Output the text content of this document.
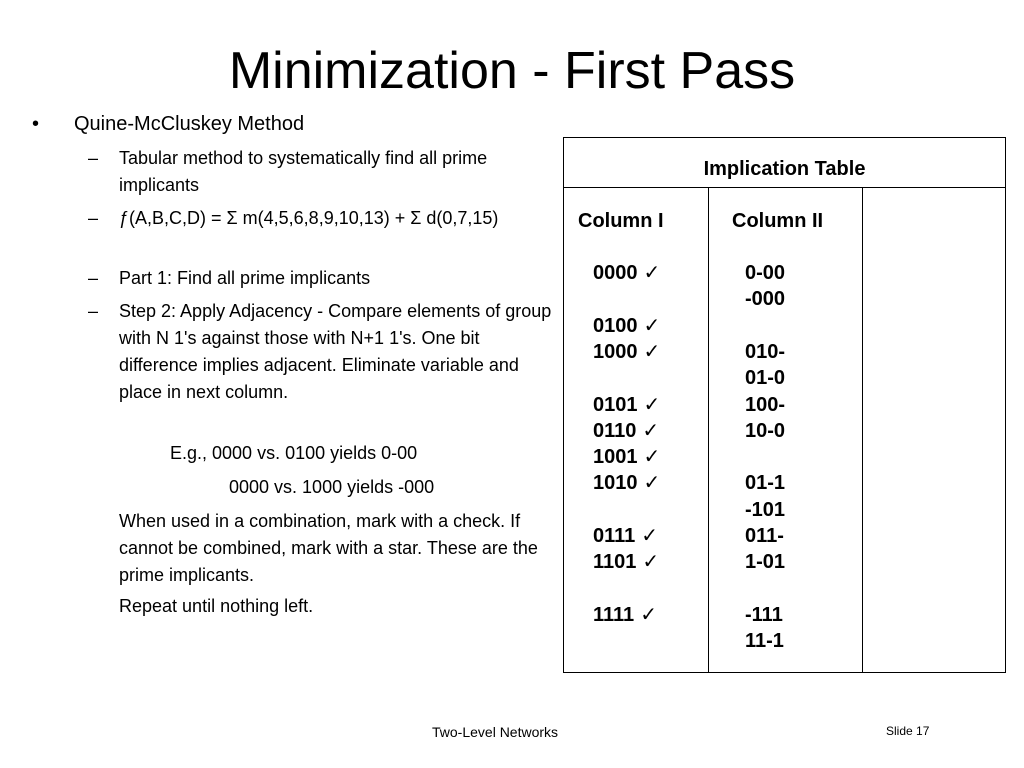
Minimization - First Pass
• Quine-McCluskey Method
– Tabular method to systematically find all prime implicants
– ƒ(A,B,C,D) = Σ m(4,5,6,8,9,10,13) + Σ d(0,7,15)
– Part 1: Find all prime implicants
– Step 2: Apply Adjacency - Compare elements of group with N 1's against those with N+1 1's. One bit difference implies adjacent. Eliminate variable and place in next column.
E.g., 0000 vs. 0100 yields 0-00
0000 vs. 1000 yields -000
When used in a combination, mark with a check. If cannot be combined, mark with a star. These are the prime implicants.
Repeat until nothing left.
Implication Table
Column I	Column II
0000 ✓
0100 ✓
1000 ✓
0101 ✓
0110 ✓
1001 ✓
1010 ✓
0111 ✓
1101 ✓
1111 ✓
0-00
-000
010-
01-0
100-
10-0
01-1
-101
011-
1-01
-111
11-1
Two-Level Networks	Slide 17
